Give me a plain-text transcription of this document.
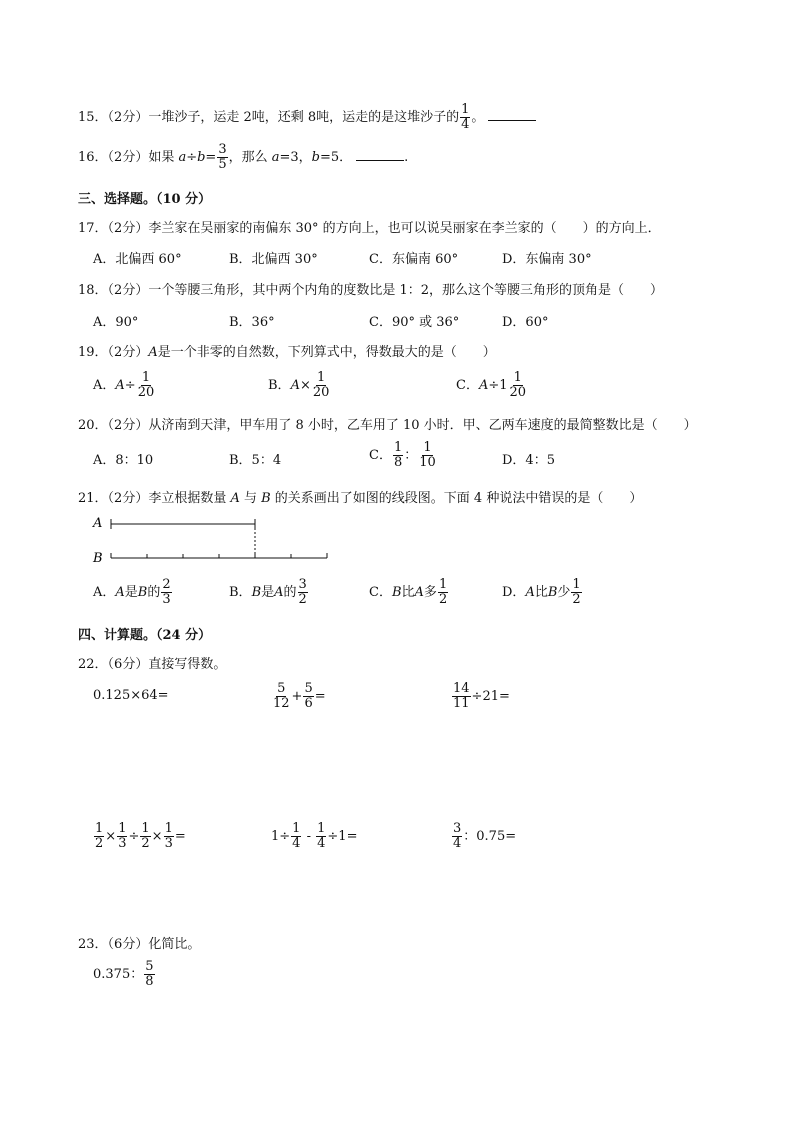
15．（2分）一堆沙子，运走 2吨，还剩 8吨，运走的是这堆沙子的 $\frac{1}{4}$ 。
16．（2分）如果 $a\div b= \frac{3}{5}$ ，那么 a=3，b=5．	.
三、选择题。（10 分）
17．（2分）李兰家在吴丽家的南偏东 30° 的方向上，也可以说吴丽家在李兰家的（　　）的方向上．
A．北偏西 60°	B．北偏西 30°	C．东偏南 60°	D．东偏南 30°
18．（2分）一个等腰三角形，其中两个内角的度数比是 1：2，那么这个等腰三角形的顶角是（　　）
A．90°	B．36°	C．90° 或 36°	D．60°
19．（2分）A是一个非零的自然数，下列算式中，得数最大的是（　　）
A．$A\div \frac{1}{20}$	B．$A\times \frac{1}{20}$	C．$A\div 1 \frac{1}{20}$
20．（2分）从济南到天津，甲车用了 8 小时，乙车用了 10 小时．甲、乙两车速度的最简整数比是（　　）
A．8：10	B．5：4	C． $\frac{1}{8}$ ： $\frac{1}{10}$	D．4：5
21．（2分）李立根据数量 A 与 B 的关系画出了如图的线段图。下面 4 种说法中错误的是（　　）
A
B
A．A是B的 $\frac{2}{3}$	B．B是A的 $\frac{3}{2}$	C．B比A多 $\frac{1}{2}$	D．A比B少 $\frac{1}{2}$
四、计算题。（24 分）
22．（6分）直接写得数。
0.125×64=	$\frac{5}{12} + \frac{5}{6}$ =	$\frac{14}{11} \div 21=$
$\frac{1}{2} \times \frac{1}{3} \div \frac{1}{2} \times \frac{1}{3}$ =	$1\div \frac{1}{4} - \frac{1}{4} \div 1=$	$\frac{3}{4}$ ：0.75=
23．（6分）化简比。
0.375： $\frac{5}{8}$
